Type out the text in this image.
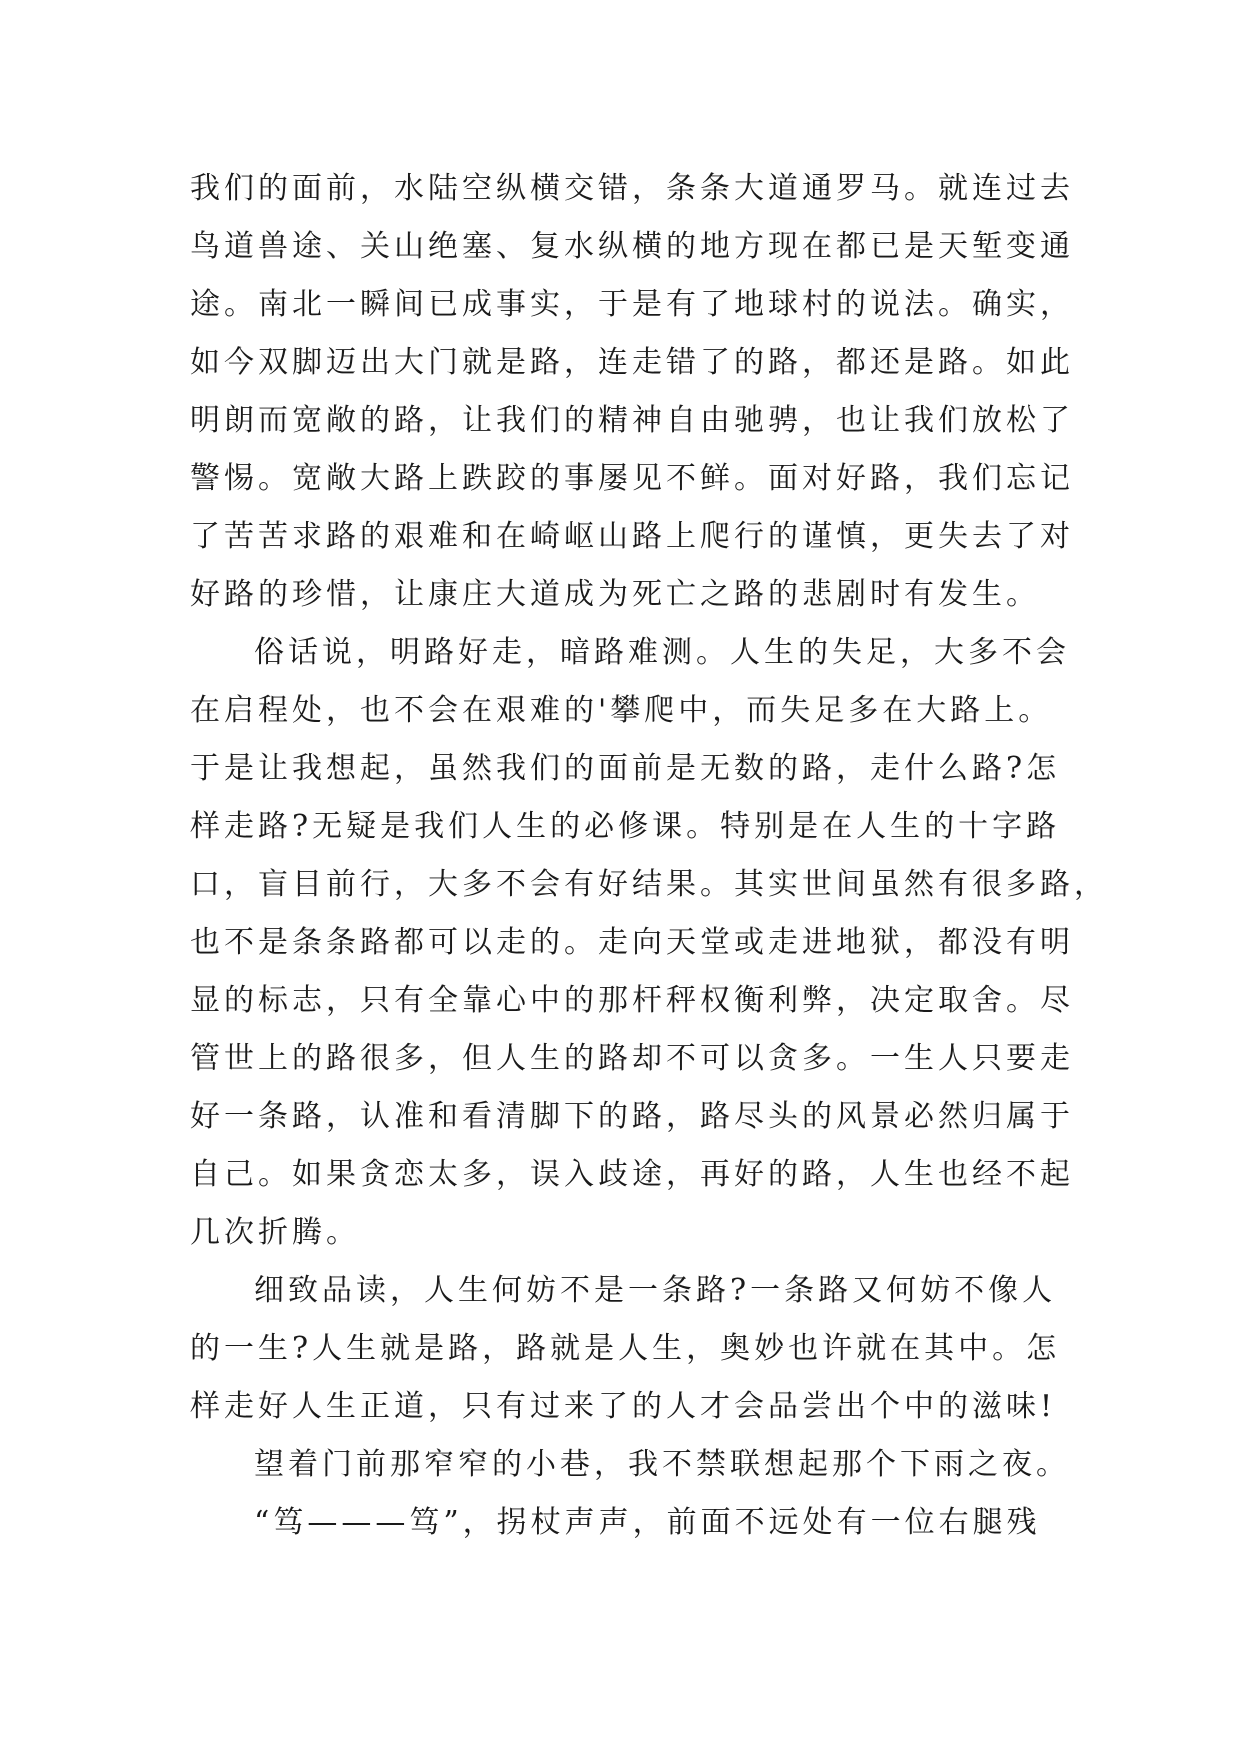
我们的面前，水陆空纵横交错，条条大道通罗马。就连过去
鸟道兽途、关山绝塞、复水纵横的地方现在都已是天堑变通
途。南北一瞬间已成事实，于是有了地球村的说法。确实，
如今双脚迈出大门就是路，连走错了的路，都还是路。如此
明朗而宽敞的路，让我们的精神自由驰骋，也让我们放松了
警惕。宽敞大路上跌跤的事屡见不鲜。面对好路，我们忘记
了苦苦求路的艰难和在崎岖山路上爬行的谨慎，更失去了对
好路的珍惜，让康庄大道成为死亡之路的悲剧时有发生。
俗话说，明路好走，暗路难测。人生的失足，大多不会
在启程处，也不会在艰难的'攀爬中，而失足多在大路上。
于是让我想起，虽然我们的面前是无数的路，走什么路?怎
样走路?无疑是我们人生的必修课。特别是在人生的十字路
口，盲目前行，大多不会有好结果。其实世间虽然有很多路，
也不是条条路都可以走的。走向天堂或走进地狱，都没有明
显的标志，只有全靠心中的那杆秤权衡利弊，决定取舍。尽
管世上的路很多，但人生的路却不可以贪多。一生人只要走
好一条路，认准和看清脚下的路，路尽头的风景必然归属于
自己。如果贪恋太多，误入歧途，再好的路，人生也经不起
几次折腾。
细致品读，人生何妨不是一条路?一条路又何妨不像人
的一生?人生就是路，路就是人生，奥妙也许就在其中。怎
样走好人生正道，只有过来了的人才会品尝出个中的滋味!
望着门前那窄窄的小巷，我不禁联想起那个下雨之夜。
“笃———笃”，拐杖声声，前面不远处有一位右腿残
